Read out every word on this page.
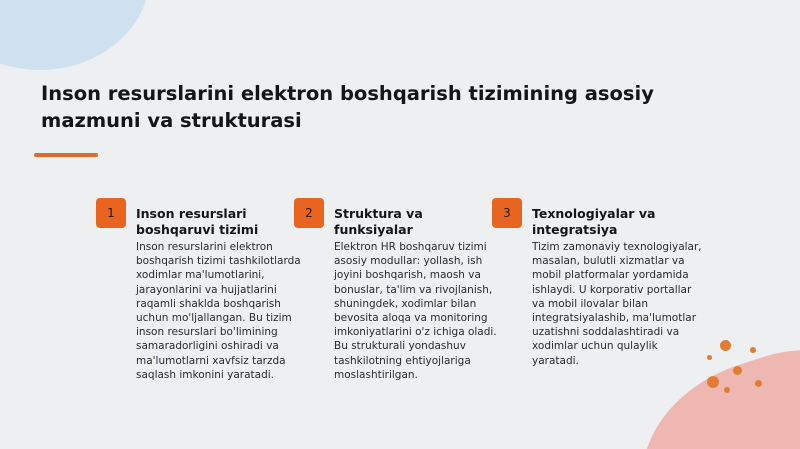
Inson resurslarini elektron boshqarish tizimining asosiy mazmuni va strukturasi
1	Inson resurslari boshqaruvi tizimi

Inson resurslarini elektron boshqarish tizimi tashkilotlarda xodimlar ma'lumotlarini, jarayonlarini va hujjatlarini raqamli shaklda boshqarish uchun mo'ljallangan. Bu tizim inson resurslari bo'limining samaradorligini oshiradi va ma'lumotlarni xavfsiz tarzda saqlash imkonini yaratadi.

2	Struktura va funksiyalar

Elektron HR boshqaruv tizimi asosiy modullar: yollash, ish joyini boshqarish, maosh va bonuslar, ta'lim va rivojlanish, shuningdek, xodimlar bilan bevosita aloqa va monitoring imkoniyatlarini o'z ichiga oladi. Bu strukturali yondashuv tashkilotning ehtiyojlariga moslashtirilgan.

3	Texnologiyalar va integratsiya

Tizim zamonaviy texnologiyalar, masalan, bulutli xizmatlar va mobil platformalar yordamida ishlaydi. U korporativ portallar va mobil ilovalar bilan integratsiyalashib, ma'lumotlar uzatishni soddalashtiradi va xodimlar uchun qulaylik yaratadi.
